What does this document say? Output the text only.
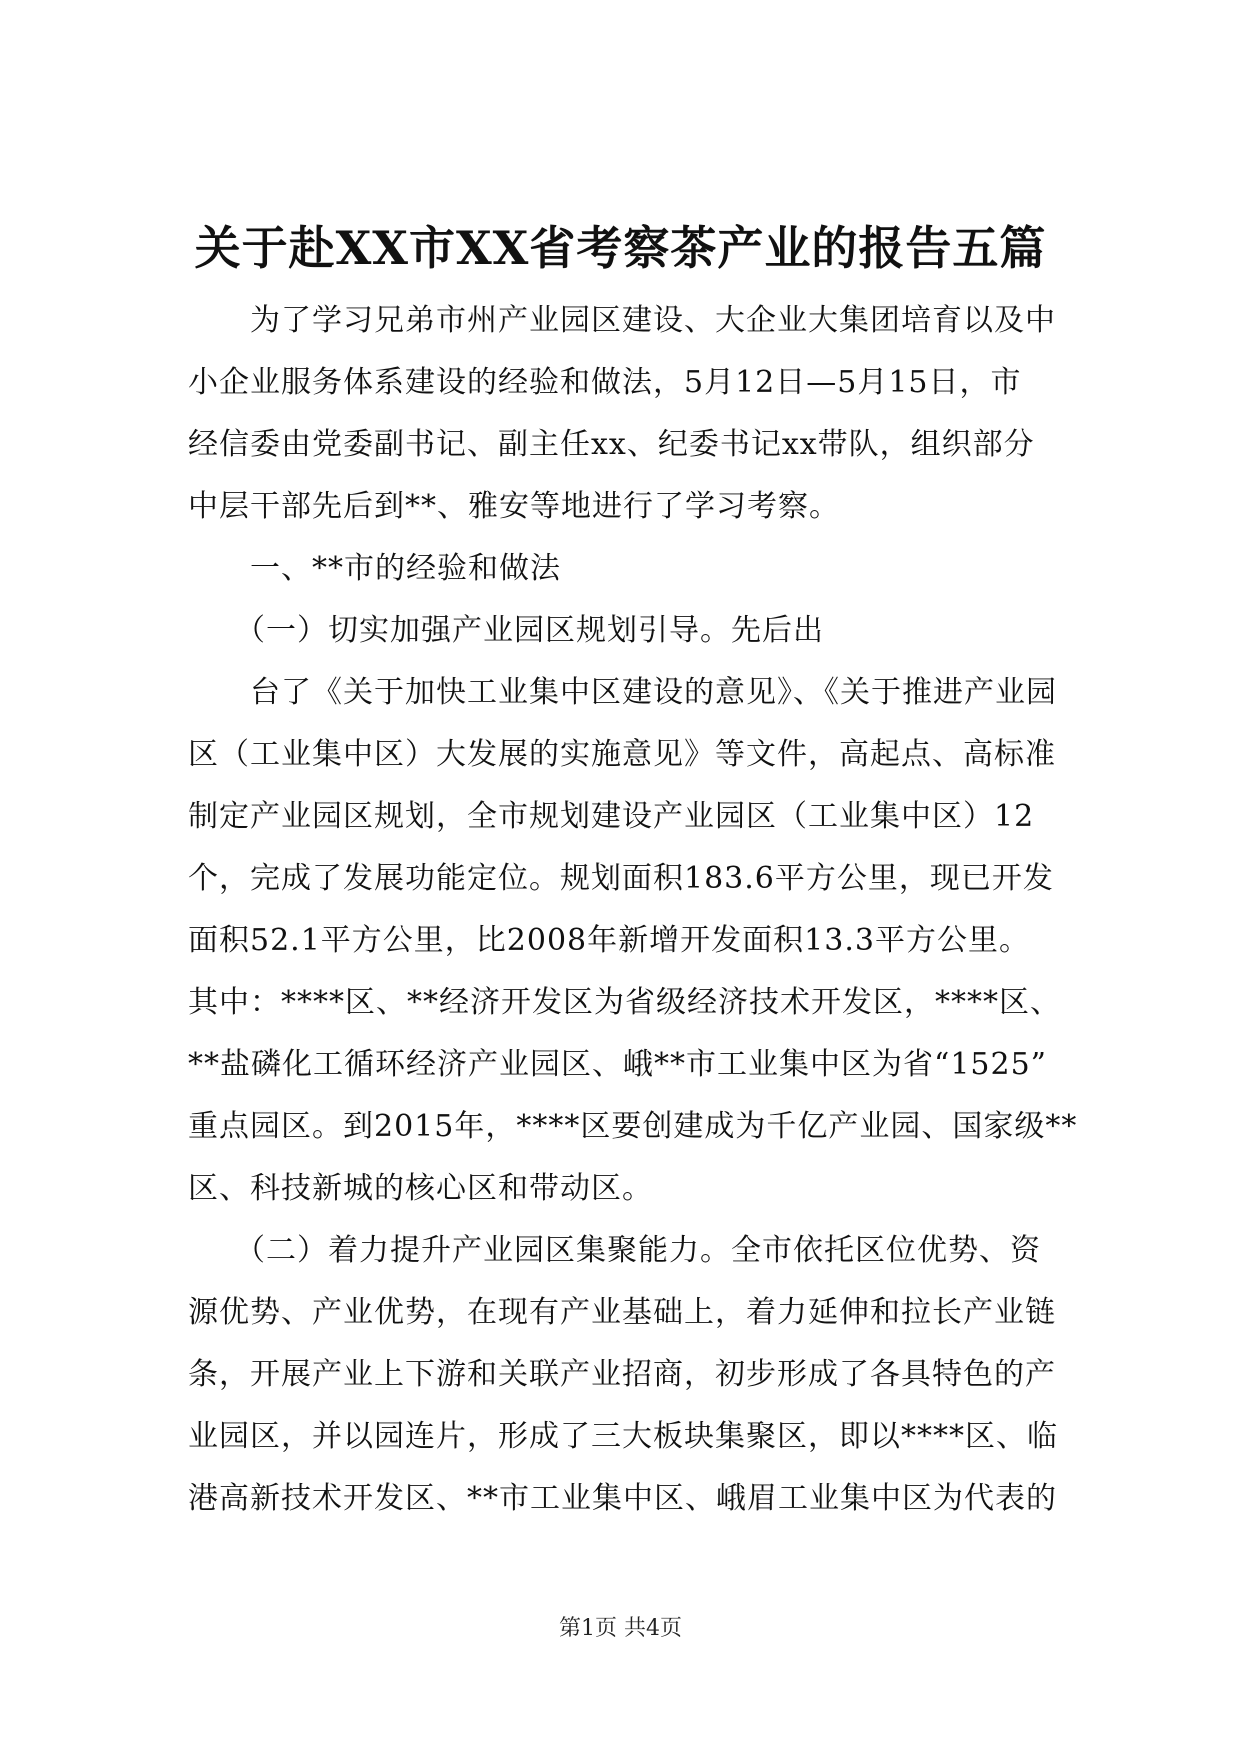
关于赴XX市XX省考察茶产业的报告五篇
　　为了学习兄弟市州产业园区建设、大企业大集团培育以及中
小企业服务体系建设的经验和做法，5月12日—5月15日，市
经信委由党委副书记、副主任xx、纪委书记xx带队，组织部分
中层干部先后到**、雅安等地进行了学习考察。
　　一、**市的经验和做法
　　（一）切实加强产业园区规划引导。先后出
　　台了《关于加快工业集中区建设的意见》、《关于推进产业园
区（工业集中区）大发展的实施意见》等文件，高起点、高标准
制定产业园区规划，全市规划建设产业园区（工业集中区）12
个，完成了发展功能定位。规划面积183.6平方公里，现已开发
面积52.1平方公里，比2008年新增开发面积13.3平方公里。
其中：****区、**经济开发区为省级经济技术开发区，****区、
**盐磷化工循环经济产业园区、峨**市工业集中区为省“1525”
重点园区。到2015年，****区要创建成为千亿产业园、国家级**
区、科技新城的核心区和带动区。
　　（二）着力提升产业园区集聚能力。全市依托区位优势、资
源优势、产业优势，在现有产业基础上，着力延伸和拉长产业链
条，开展产业上下游和关联产业招商，初步形成了各具特色的产
业园区，并以园连片，形成了三大板块集聚区，即以****区、临
港高新技术开发区、**市工业集中区、峨眉工业集中区为代表的
第1页 共4页
